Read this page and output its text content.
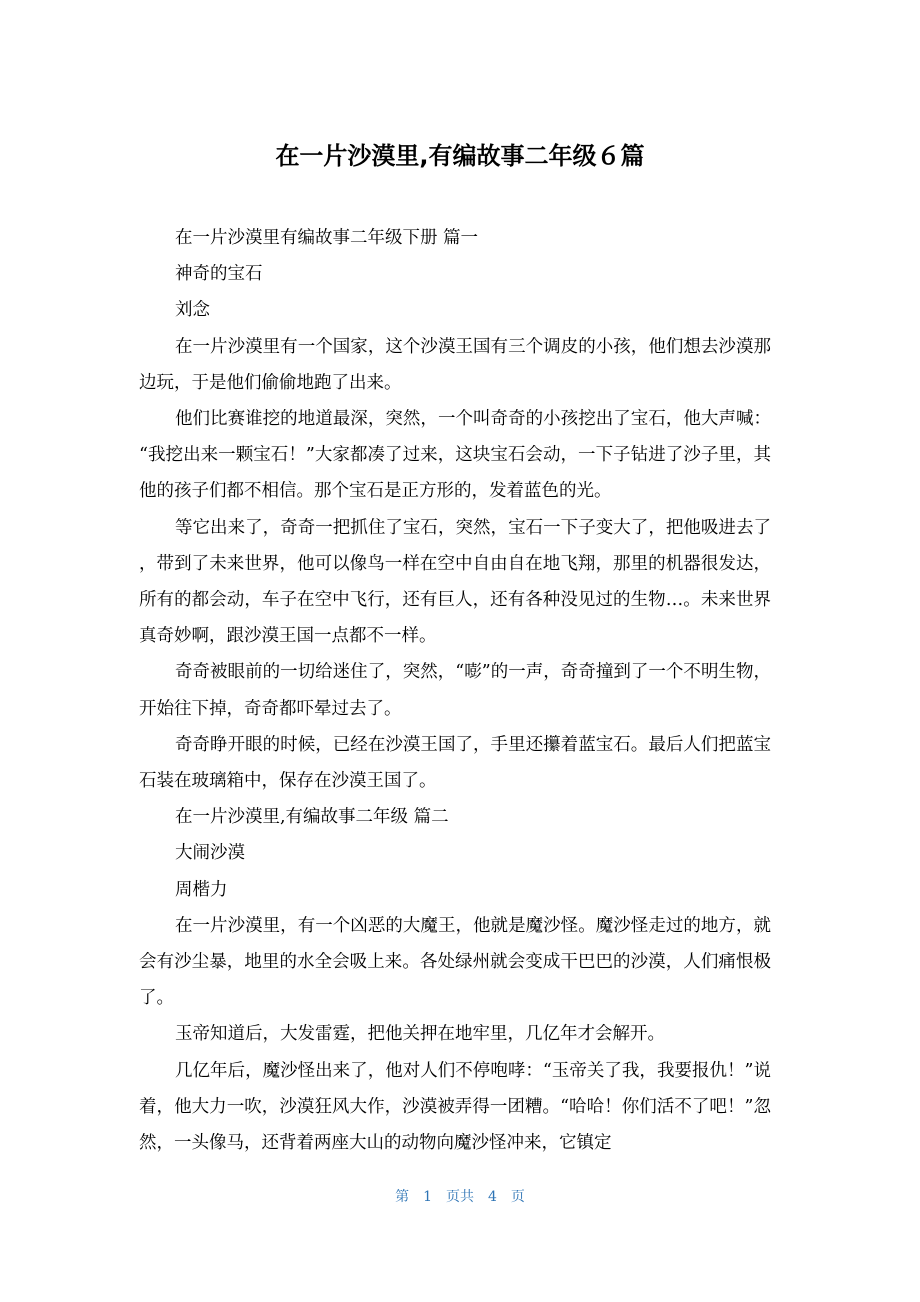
在一片沙漠里,有编故事二年级６篇

在一片沙漠里有编故事二年级下册 篇一

神奇的宝石

刘念

在一片沙漠里有一个国家，这个沙漠王国有三个调皮的小孩，他们想去沙漠那边玩，于是他们偷偷地跑了出来。

他们比赛谁挖的地道最深，突然，一个叫奇奇的小孩挖出了宝石，他大声喊：“我挖出来一颗宝石！”大家都凑了过来，这块宝石会动，一下子钻进了沙子里，其他的孩子们都不相信。那个宝石是正方形的，发着蓝色的光。

等它出来了，奇奇一把抓住了宝石，突然，宝石一下子变大了，把他吸进去了，带到了未来世界，他可以像鸟一样在空中自由自在地飞翔，那里的机器很发达，所有的都会动，车子在空中飞行，还有巨人，还有各种没见过的生物…。未来世界真奇妙啊，跟沙漠王国一点都不一样。

奇奇被眼前的一切给迷住了，突然，“嘭”的一声，奇奇撞到了一个不明生物，开始往下掉，奇奇都吓晕过去了。

奇奇睁开眼的时候，已经在沙漠王国了，手里还攥着蓝宝石。最后人们把蓝宝石装在玻璃箱中，保存在沙漠王国了。

在一片沙漠里,有编故事二年级 篇二

大闹沙漠

周楷力

在一片沙漠里，有一个凶恶的大魔王，他就是魔沙怪。魔沙怪走过的地方，就会有沙尘暴，地里的水全会吸上来。各处绿州就会变成干巴巴的沙漠，人们痛恨极了。

玉帝知道后，大发雷霆，把他关押在地牢里，几亿年才会解开。

几亿年后，魔沙怪出来了，他对人们不停咆哮：“玉帝关了我，我要报仇！”说着，他大力一吹，沙漠狂风大作，沙漠被弄得一团糟。“哈哈！你们活不了吧！”忽然，一头像马，还背着两座大山的动物向魔沙怪冲来，它镇定

第　1　页共　4　页
